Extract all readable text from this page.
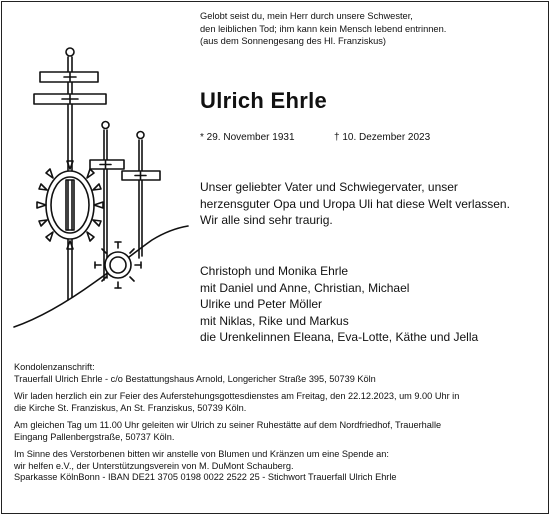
Gelobt seist du, mein Herr durch unsere Schwester,
den leiblichen Tod; ihm kann kein Mensch lebend entrinnen.
(aus dem Sonnengesang des Hl. Franziskus)
Ulrich Ehrle
* 29. November 1931	† 10. Dezember 2023
Unser geliebter Vater und Schwiegervater, unser
herzensguter Opa und Uropa Uli hat diese Welt verlassen.
Wir alle sind sehr traurig.
Christoph und Monika Ehrle
mit Daniel und Anne, Christian, Michael
Ulrike und Peter Möller
mit Niklas, Rike und Markus
die Urenkelinnen Eleana, Eva-Lotte, Käthe und Jella
Kondolenzanschrift:
Trauerfall Ulrich Ehrle - c/o Bestattungshaus Arnold, Longericher Straße 395, 50739 Köln
Wir laden herzlich ein zur Feier des Auferstehungsgottesdienstes am Freitag, den 22.12.2023, um 9.00 Uhr in
die Kirche St. Franziskus, An St. Franziskus, 50739 Köln.
Am gleichen Tag um 11.00 Uhr geleiten wir Ulrich zu seiner Ruhestätte auf dem Nordfriedhof, Trauerhalle
Eingang Pallenbergstraße, 50737 Köln.
Im Sinne des Verstorbenen bitten wir anstelle von Blumen und Kränzen um eine Spende an:
wir helfen e.V., der Unterstützungsverein von M. DuMont Schauberg.
Sparkasse KölnBonn - IBAN DE21 3705 0198 0022 2522 25 - Stichwort Trauerfall Ulrich Ehrle
